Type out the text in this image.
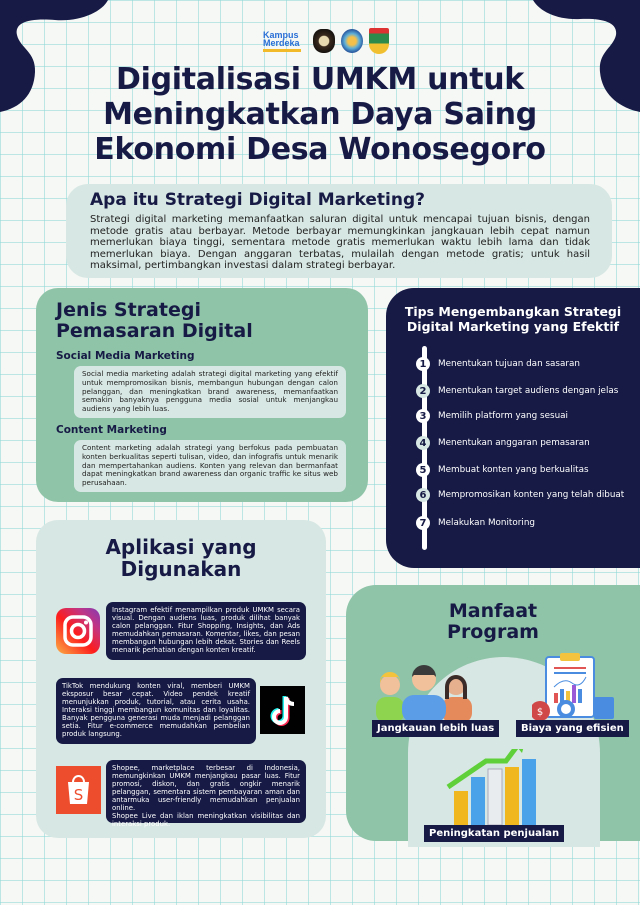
Kampus Merdeka
Digitalisasi UMKM untuk
Meningkatkan Daya Saing
Ekonomi Desa Wonosegoro
Apa itu Strategi Digital Marketing?

Strategi digital marketing memanfaatkan saluran digital untuk mencapai tujuan bisnis, dengan metode gratis atau berbayar. Metode berbayar memungkinkan jangkauan lebih cepat namun memerlukan biaya tinggi, sementara metode gratis memerlukan waktu lebih lama dan tidak memerlukan biaya. Dengan anggaran terbatas, mulailah dengan metode gratis; untuk hasil maksimal, pertimbangkan investasi dalam strategi berbayar.

Jenis Strategi
Pemasaran Digital
Social Media Marketing
Social media marketing adalah strategi digital marketing yang efektif untuk mempromosikan bisnis, membangun hubungan dengan calon pelanggan, dan meningkatkan brand awareness, memanfaatkan semakin banyaknya pengguna media sosial untuk menjangkau audiens yang lebih luas.
Content Marketing
Content marketing adalah strategi yang berfokus pada pembuatan konten berkualitas seperti tulisan, video, dan infografis untuk menarik dan mempertahankan audiens. Konten yang relevan dan bermanfaat dapat meningkatkan brand awareness dan organic traffic ke situs web perusahaan.
Tips Mengembangkan Strategi
Digital Marketing yang Efektif
1	Menentukan tujuan dan sasaran
2	Menentukan target audiens dengan jelas
3	Memilih platform yang sesuai
4	Menentukan anggaran pemasaran
5	Membuat konten yang berkualitas
6	Mempromosikan konten yang telah dibuat
7	Melakukan Monitoring
Aplikasi yang
Digunakan
Instagram efektif menampilkan produk UMKM secara visual. Dengan audiens luas, produk dilihat banyak calon pelanggan. Fitur Shopping, Insights, dan Ads memudahkan pemasaran. Komentar, likes, dan pesan membangun hubungan lebih dekat. Stories dan Reels menarik perhatian dengan konten kreatif.
TikTok mendukung konten viral, memberi UMKM eksposur besar cepat. Video pendek kreatif menunjukkan produk, tutorial, atau cerita usaha. Interaksi tinggi membangun komunitas dan loyalitas. Banyak pengguna generasi muda menjadi pelanggan setia. Fitur e-commerce memudahkan pembelian produk langsung.
S
Shopee, marketplace terbesar di Indonesia, memungkinkan UMKM menjangkau pasar luas. Fitur promosi, diskon, dan gratis ongkir menarik pelanggan, sementara sistem pembayaran aman dan antarmuka user-friendly memudahkan penjualan online.
Shopee Live dan iklan meningkatkan visibilitas dan interaksi produk.
Manfaat
Program
Jangkauan lebih luas
$
Biaya yang efisien
Peningkatan penjualan
